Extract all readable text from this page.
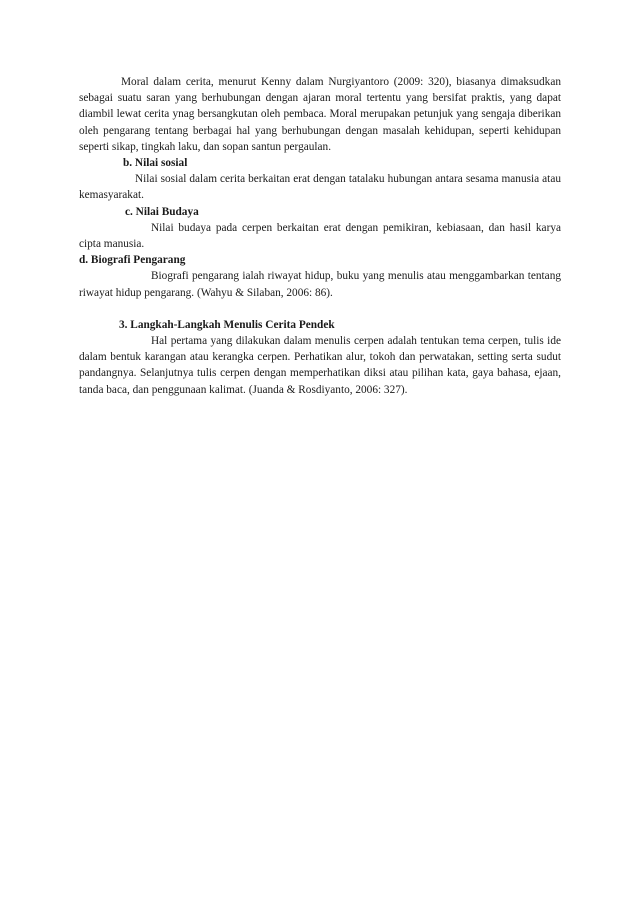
Moral dalam cerita, menurut Kenny dalam Nurgiyantoro (2009: 320), biasanya dimaksudkan sebagai suatu saran yang berhubungan dengan ajaran moral tertentu yang bersifat praktis, yang dapat diambil lewat cerita ynag bersangkutan oleh pembaca. Moral merupakan petunjuk yang sengaja diberikan oleh pengarang tentang berbagai hal yang berhubungan dengan masalah kehidupan, seperti kehidupan seperti sikap, tingkah laku, dan sopan santun pergaulan.

b. Nilai sosial

Nilai sosial dalam cerita berkaitan erat dengan tatalaku hubungan antara sesama manusia atau kemasyarakat.

c. Nilai Budaya

Nilai budaya pada cerpen berkaitan erat dengan pemikiran, kebiasaan, dan hasil karya cipta manusia.

d. Biografi Pengarang

Biografi pengarang ialah riwayat hidup, buku yang menulis atau menggambarkan tentang riwayat hidup pengarang. (Wahyu & Silaban, 2006: 86).

3. Langkah-Langkah Menulis Cerita Pendek

Hal pertama yang dilakukan dalam menulis cerpen adalah tentukan tema cerpen, tulis ide dalam bentuk karangan atau kerangka cerpen. Perhatikan alur, tokoh dan perwatakan, setting serta sudut pandangnya. Selanjutnya tulis cerpen dengan memperhatikan diksi atau pilihan kata, gaya bahasa, ejaan, tanda baca, dan penggunaan kalimat. (Juanda & Rosdiyanto, 2006: 327).
